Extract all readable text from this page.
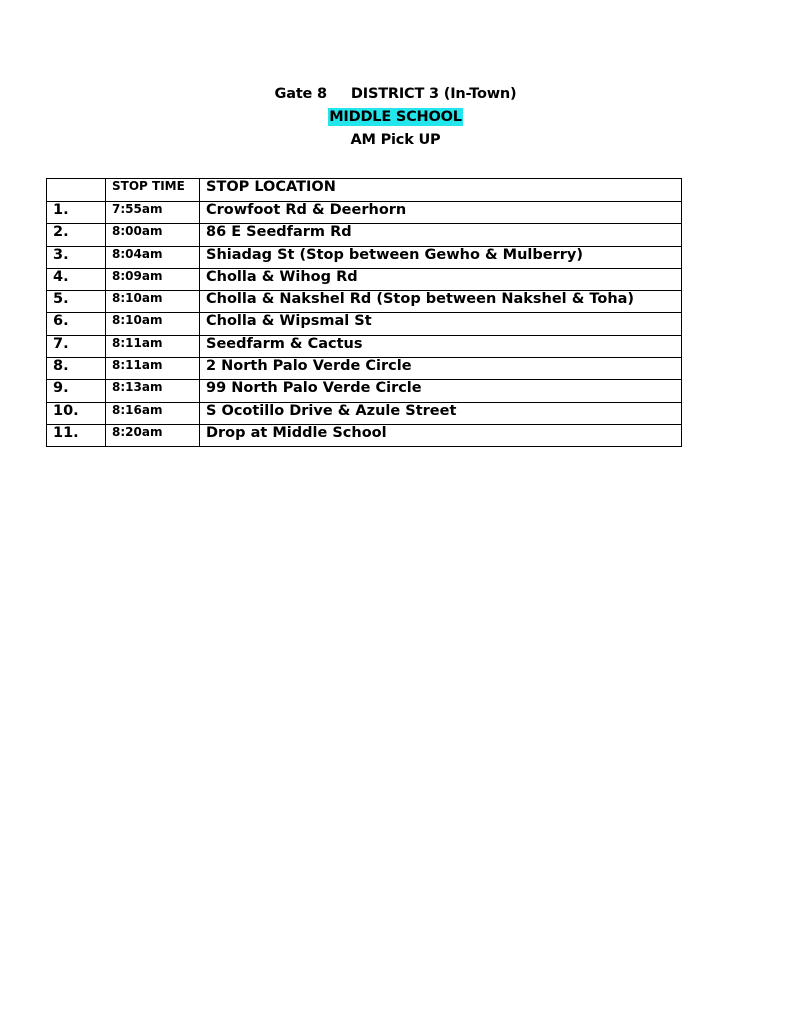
Gate 8 DISTRICT 3 (In-Town)
MIDDLE SCHOOL
AM Pick UP
	STOP TIME	STOP LOCATION
1.	7:55am	Crowfoot Rd & Deerhorn
2.	8:00am	86 E Seedfarm Rd
3.	8:04am	Shiadag St (Stop between Gewho & Mulberry)
4.	8:09am	Cholla & Wihog Rd
5.	8:10am	Cholla & Nakshel Rd (Stop between Nakshel & Toha)
6.	8:10am	Cholla & Wipsmal St
7.	8:11am	Seedfarm & Cactus
8.	8:11am	2 North Palo Verde Circle
9.	8:13am	99 North Palo Verde Circle
10.	8:16am	S Ocotillo Drive & Azule Street
11.	8:20am	Drop at Middle School
